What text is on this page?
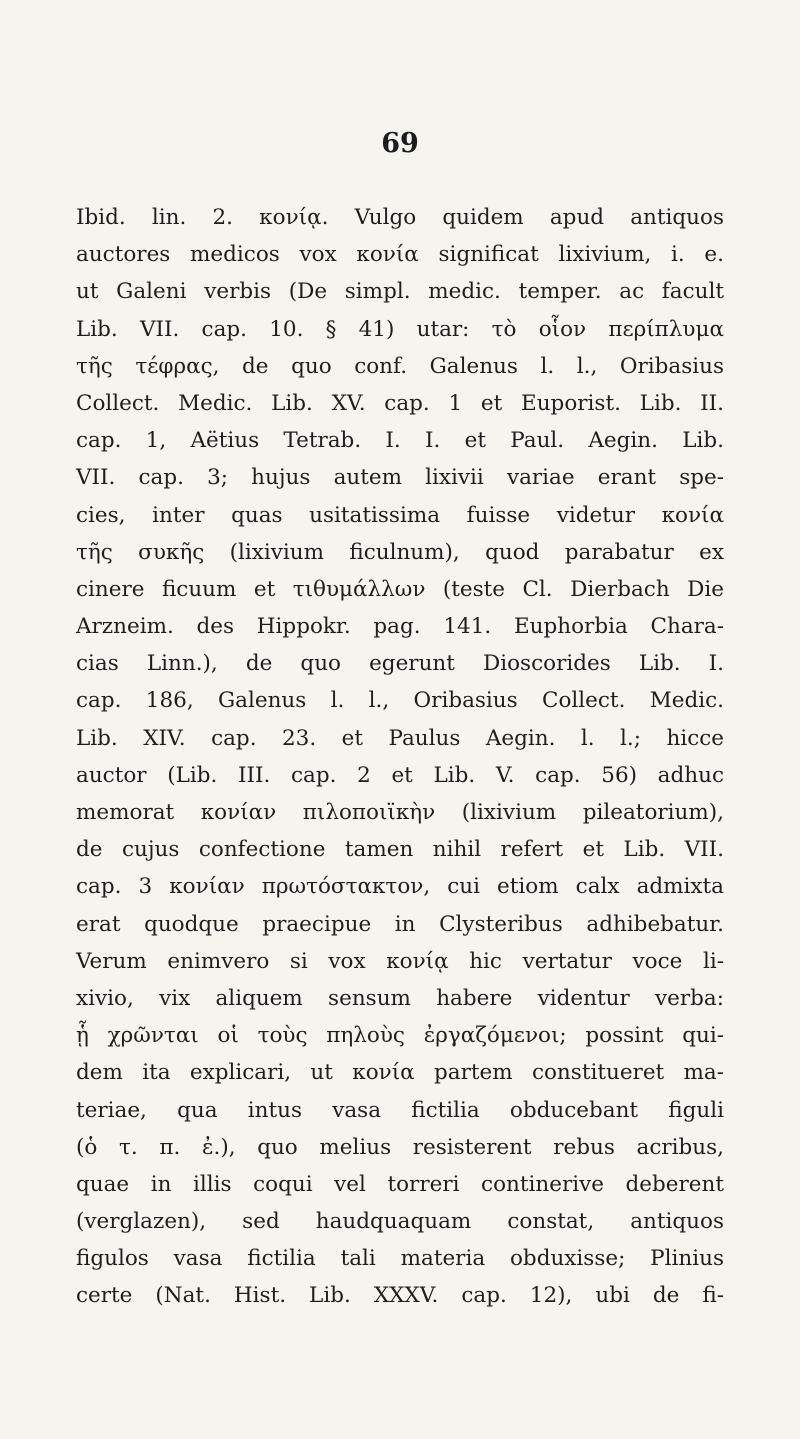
69
Ibid. lin. 2. κονίᾳ. Vulgo quidem apud antiquos
auctores medicos vox κονία significat lixivium, i. e.
ut Galeni verbis (De simpl. medic. temper. ac facult
Lib. VII. cap. 10. § 41) utar: τὸ οἷον περίπλυμα
τῆς τέφρας, de quo conf. Galenus l. l., Oribasius
Collect. Medic. Lib. XV. cap. 1 et Euporist. Lib. II.
cap. 1, Aëtius Tetrab. I. I. et Paul. Aegin. Lib.
VII. cap. 3; hujus autem lixivii variae erant spe-
cies, inter quas usitatissima fuisse videtur κονία
τῆς συκῆς (lixivium ficulnum), quod parabatur ex
cinere ficuum et τιθυμάλλων (teste Cl. Dierbach Die
Arzneim. des Hippokr. pag. 141. Euphorbia Chara-
cias Linn.), de quo egerunt Dioscorides Lib. I.
cap. 186, Galenus l. l., Oribasius Collect. Medic.
Lib. XIV. cap. 23. et Paulus Aegin. l. l.; hicce
auctor (Lib. III. cap. 2 et Lib. V. cap. 56) adhuc
memorat κονίαν πιλοποιϊκὴν (lixivium pileatorium),
de cujus confectione tamen nihil refert et Lib. VII.
cap. 3 κονίαν πρωτόστακτον, cui etiom calx admixta
erat quodque praecipue in Clysteribus adhibebatur.
Verum enimvero si vox κονίᾳ hic vertatur voce li-
xivio, vix aliquem sensum habere videntur verba:
ᾗ χρῶνται οἱ τοὺς πηλοὺς ἐργαζόμενοι; possint qui-
dem ita explicari, ut κονία partem constitueret ma-
teriae, qua intus vasa fictilia obducebant figuli
(ὁ τ. π. ἐ.), quo melius resisterent rebus acribus,
quae in illis coqui vel torreri continerive deberent
(verglazen), sed haudquaquam constat, antiquos
figulos vasa fictilia tali materia obduxisse; Plinius
certe (Nat. Hist. Lib. XXXV. cap. 12), ubi de fi-
